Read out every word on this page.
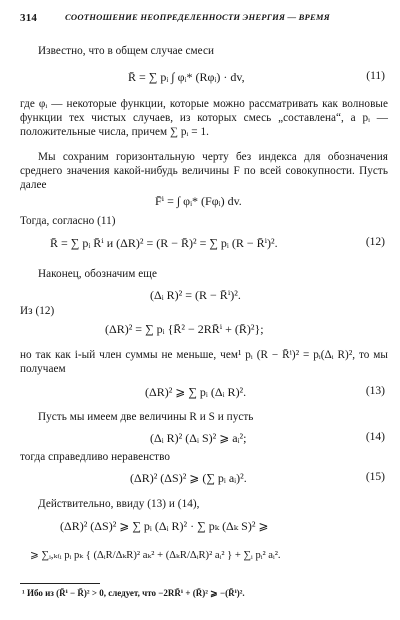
314	СООТНОШЕНИЕ НЕОПРЕДЕЛЕННОСТИ ЭНЕРГИЯ — ВРЕМЯ
Известно, что в общем случае смеси
R̄ = ∑ pᵢ ∫ φᵢ* (Rφᵢ) · dv,	(11)
где φᵢ — некоторые функции, которые можно рассматривать как волновые функции тех чистых случаев, из которых смесь „составлена“, а pᵢ — положительные числа, причем ∑ pᵢ = 1.
Мы сохраним горизонтальную черту без индекса для обозначения среднего значения какой-нибудь величины F по всей совокупности. Пусть далее
F̄ⁱ = ∫ φᵢ* (Fφᵢ) dv.
Тогда, согласно (11)
R̄ = ∑ pᵢ R̄ⁱ и (ΔR)² = (R − R̄)² = ∑ pᵢ (R − R̄ⁱ)².	(12)
Наконец, обозначим еще
(Δᵢ R)² = (R − R̄ⁱ)².
Из (12)
(ΔR)² = ∑ pᵢ {R̄² − 2RR̄ⁱ + (R̄)²};
но так как i-ый член суммы не меньше, чем¹ pᵢ (R − R̄ⁱ)² = pᵢ(Δᵢ R)², то мы получаем
(ΔR)² ⩾ ∑ pᵢ (Δᵢ R)².	(13)
Пусть мы имеем две величины R и S и пусть
(Δᵢ R)² (Δᵢ S)² ⩾ aᵢ²;	(14)
тогда справедливо неравенство
(ΔR)² (ΔS)² ⩾ (∑ pᵢ aᵢ)².	(15)
Действительно, ввиду (13) и (14),
(ΔR)² (ΔS)² ⩾ ∑ pᵢ (Δᵢ R)² · ∑ pₖ (Δₖ S)² ⩾
⩾ ∑ᵢ,ₖ₍ᵢ pᵢ pₖ { (ΔᵢR/ΔₖR)² aₖ² + (ΔₖR/ΔᵢR)² aᵢ² } + ∑ᵢ pᵢ² aᵢ².
¹ Ибо из (R̄ⁱ − R̄)² > 0, следует, что −2RR̄ⁱ + (R̄)² ⩾ −(R̄ⁱ)².
